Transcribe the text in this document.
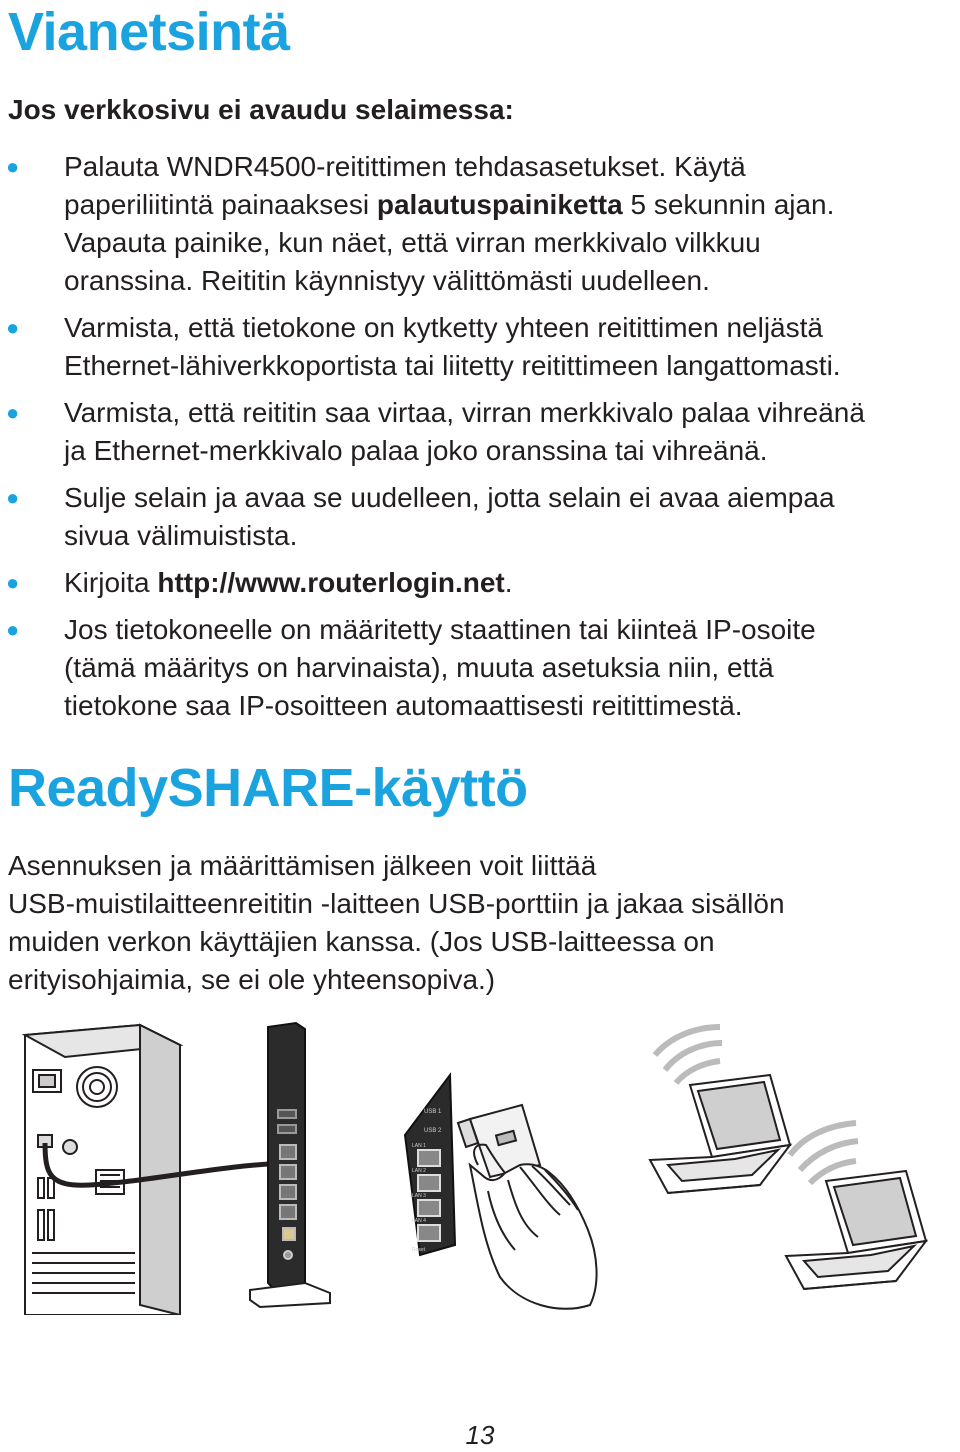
Vianetsintä
Jos verkkosivu ei avaudu selaimessa:
● Palauta WNDR4500-reitittimen tehdasasetukset. Käytä
paperiliitintä painaaksesi palautuspainiketta 5 sekunnin ajan.
Vapauta painike, kun näet, että virran merkkivalo vilkkuu
oranssina. Reititin käynnistyy välittömästi uudelleen.
● Varmista, että tietokone on kytketty yhteen reitittimen neljästä
Ethernet-lähiverkkoportista tai liitetty reitittimeen langattomasti.
● Varmista, että reititin saa virtaa, virran merkkivalo palaa vihreänä
ja Ethernet-merkkivalo palaa joko oranssina tai vihreänä.
● Sulje selain ja avaa se uudelleen, jotta selain ei avaa aiempaa
sivua välimuistista.
● Kirjoita http://www.routerlogin.net.
● Jos tietokoneelle on määritetty staattinen tai kiinteä IP-osoite
(tämä määritys on harvinaista), muuta asetuksia niin, että
tietokone saa IP-osoitteen automaattisesti reitittimestä.
ReadySHARE-käyttö
Asennuksen ja määrittämisen jälkeen voit liittää
USB-muistilaitteenreititin -laitteen USB-porttiin ja jakaa sisällön
muiden verkon käyttäjien kanssa. (Jos USB-laitteessa on
erityisohjaimia, se ei ole yhteensopiva.)
USB 1
USB 2
LAN 1
LAN 2
LAN 3
LAN 4
Reset
13
